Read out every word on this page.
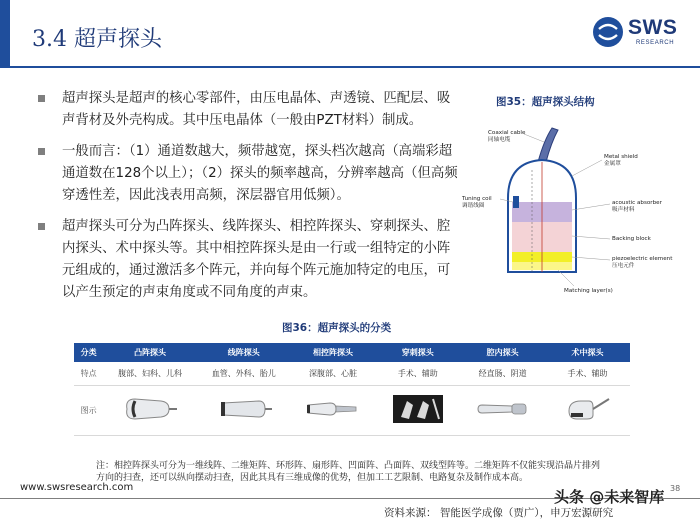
3.4 超声探头	SWS
RESEARCH
超声探头是超声的核心零部件，由压电晶体、声透镜、匹配层、吸声背材及外壳构成。其中压电晶体（一般由PZT材料）制成。
一般而言：（1）通道数越大，频带越宽，探头档次越高（高端彩超通道数在128个以上）；（2）探头的频率越高，分辨率越高（但高频穿透性差，因此浅表用高频，深层器官用低频）。
超声探头可分为凸阵探头、线阵探头、相控阵探头、穿刺探头、腔内探头、术中探头等。其中相控阵探头是由一行或一组特定的小阵元组成的，通过激活多个阵元，并向每个阵元施加特定的电压，可以产生预定的声束角度或不同角度的声束。
图35：超声探头结构
Coaxial cable
同轴电缆
Metal shield
金属罩
Tuning coil
调谐线圈	acoustic absorber
吸声材料
Backing block
piezoelectric element
压电元件
Matching layer(s)
图36：超声探头的分类
分类	凸阵探头	线阵探头	相控阵探头	穿刺探头	腔内探头	术中探头
特点	腹部、妇科、儿科	血管、外科、胎儿	深腹部、心脏	手术、辅助	经直肠、阴道	手术、辅助
图示						
注：相控阵探头可分为一维线阵、二维矩阵、环形阵、扇形阵、凹面阵、凸面阵、双线型阵等。二维矩阵不仅能实现沿晶片排列方向的扫查，还可以纵向摆动扫查，因此其具有三维成像的优势，但加工工艺限制、电路复杂及制作成本高。
www.swsresearch.com
资料来源： 智能医学成像（贾广），申万宏源研究
38
头条 @未来智库
